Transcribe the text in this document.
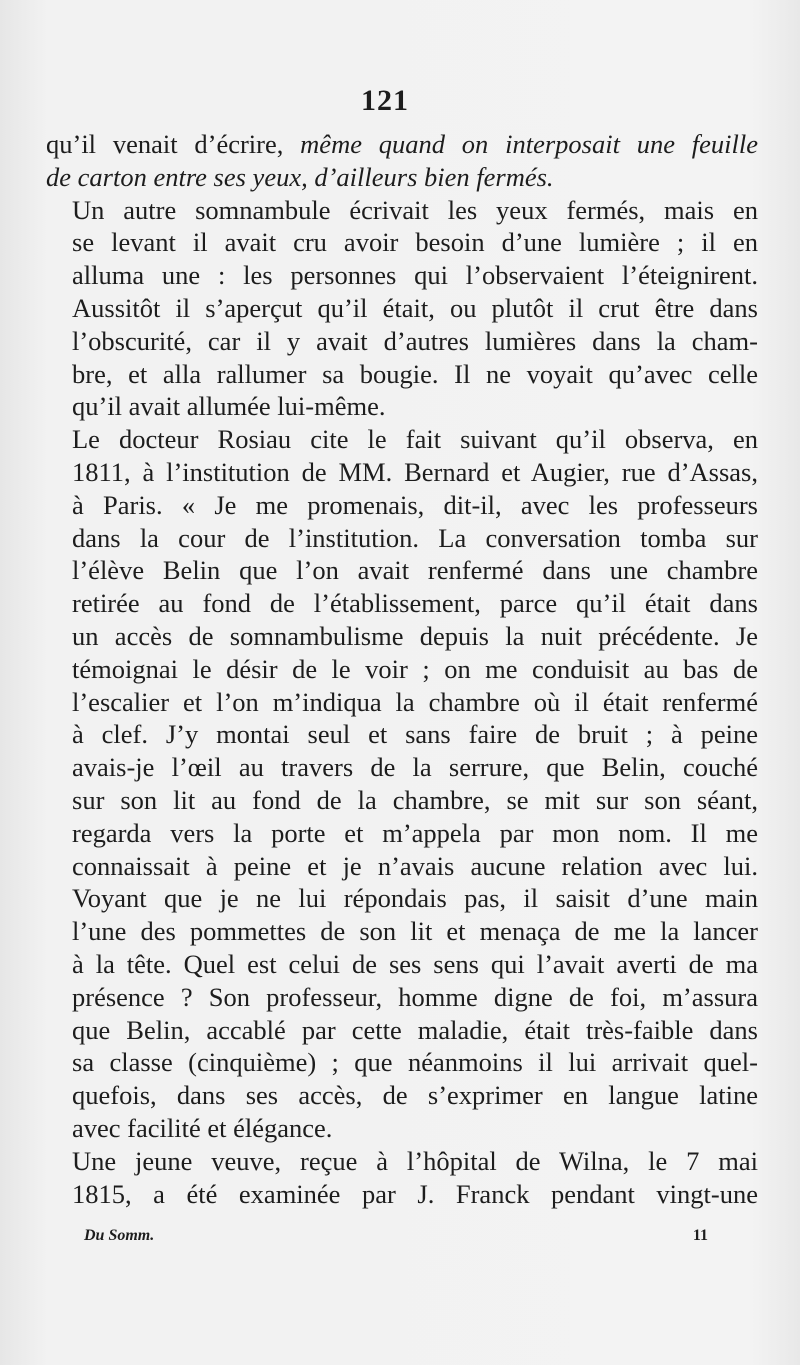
121
qu’il venait d’écrire, même quand on interposait une feuille
de carton entre ses yeux, d’ailleurs bien fermés.
Un autre somnambule écrivait les yeux fermés, mais en
se levant il avait cru avoir besoin d’une lumière ; il en
alluma une : les personnes qui l’observaient l’éteignirent.
Aussitôt il s’aperçut qu’il était, ou plutôt il crut être dans
l’obscurité, car il y avait d’autres lumières dans la cham-
bre, et alla rallumer sa bougie. Il ne voyait qu’avec celle
qu’il avait allumée lui-même.
Le docteur Rosiau cite le fait suivant qu’il observa, en
1811, à l’institution de MM. Bernard et Augier, rue d’Assas,
à Paris. « Je me promenais, dit-il, avec les professeurs
dans la cour de l’institution. La conversation tomba sur
l’élève Belin que l’on avait renfermé dans une chambre
retirée au fond de l’établissement, parce qu’il était dans
un accès de somnambulisme depuis la nuit précédente. Je
témoignai le désir de le voir ; on me conduisit au bas de
l’escalier et l’on m’indiqua la chambre où il était renfermé
à clef. J’y montai seul et sans faire de bruit ; à peine
avais-je l’œil au travers de la serrure, que Belin, couché
sur son lit au fond de la chambre, se mit sur son séant,
regarda vers la porte et m’appela par mon nom. Il me
connaissait à peine et je n’avais aucune relation avec lui.
Voyant que je ne lui répondais pas, il saisit d’une main
l’une des pommettes de son lit et menaça de me la lancer
à la tête. Quel est celui de ses sens qui l’avait averti de ma
présence ? Son professeur, homme digne de foi, m’assura
que Belin, accablé par cette maladie, était très-faible dans
sa classe (cinquième) ; que néanmoins il lui arrivait quel-
quefois, dans ses accès, de s’exprimer en langue latine
avec facilité et élégance.
Une jeune veuve, reçue à l’hôpital de Wilna, le 7 mai
1815, a été examinée par J. Franck pendant vingt-une
Du Somm.	11
